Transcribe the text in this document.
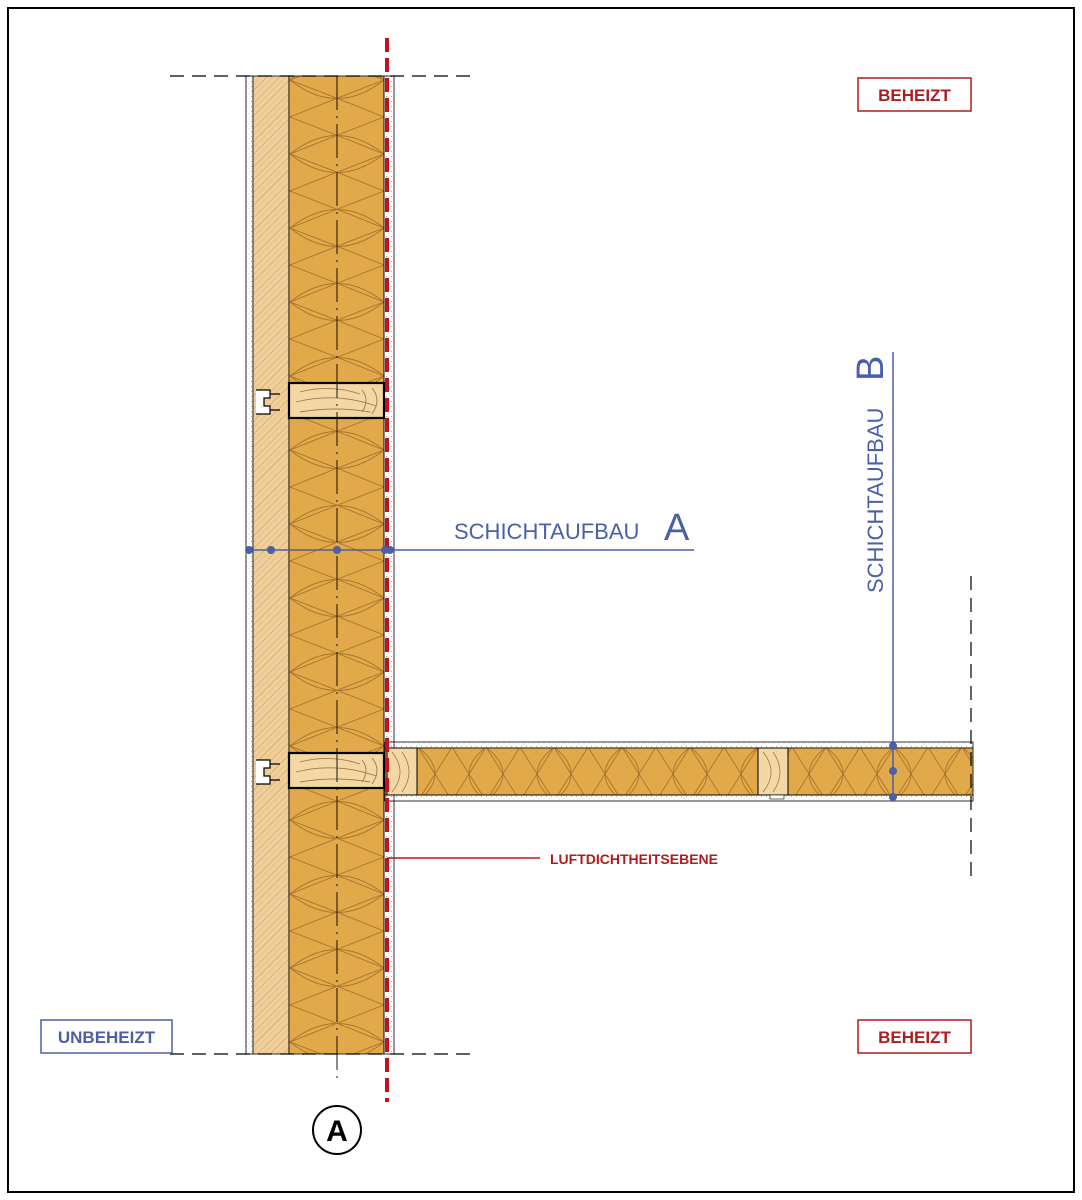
LUFTDICHTHEITSEBENE
SCHICHTAUFBAU A	SCHICHTAUFBAU
B
BEHEIZT
BEHEIZT
UNBEHEIZT
A
